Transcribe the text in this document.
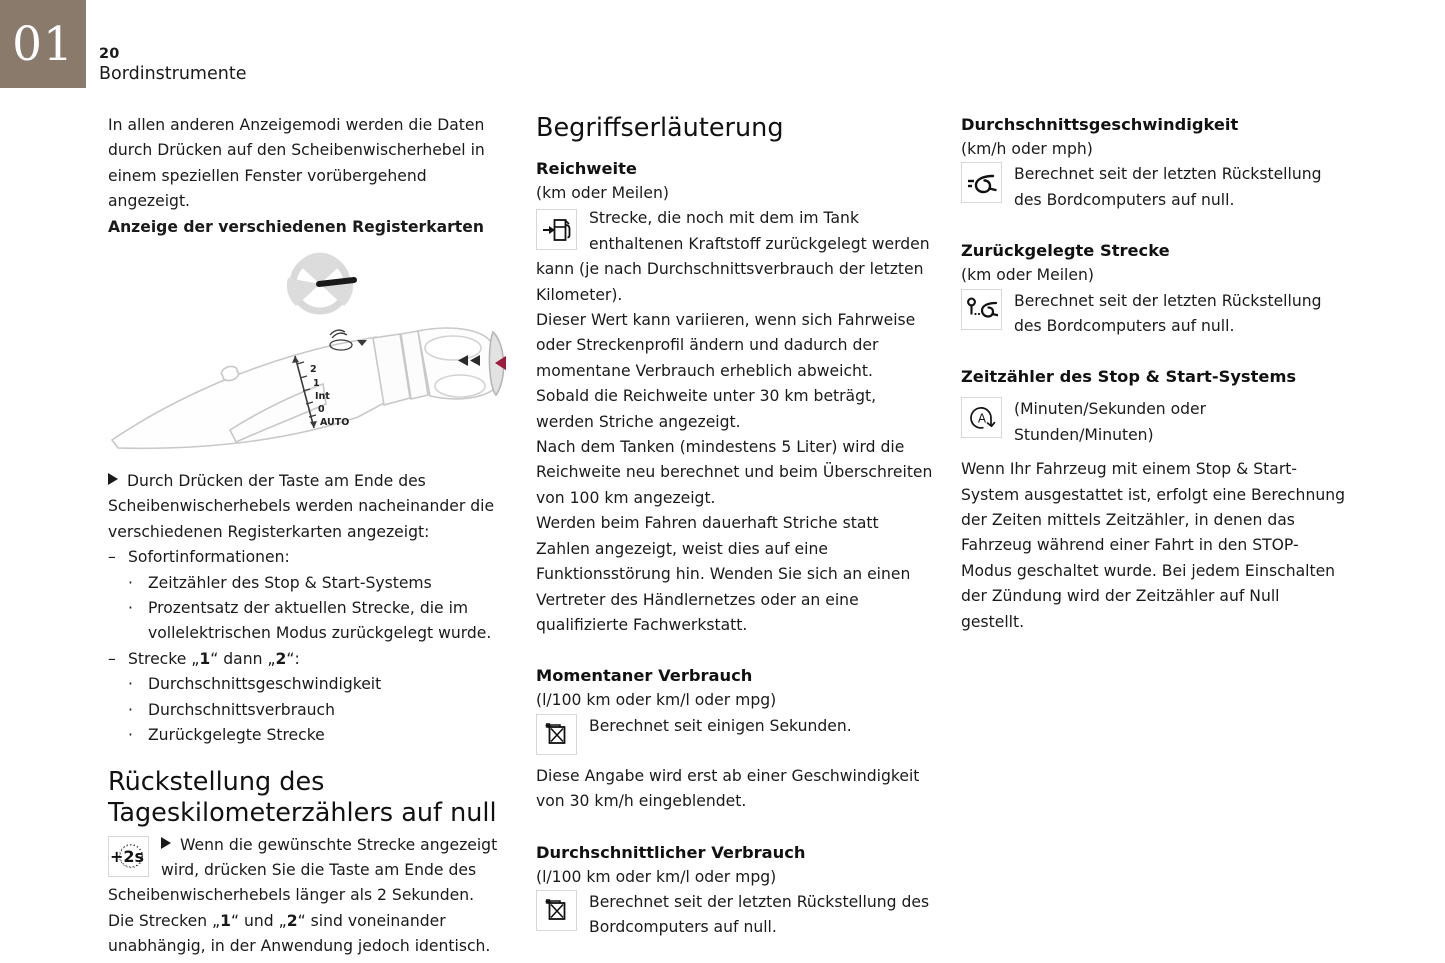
01 20
Bordinstrumente

In allen anderen Anzeigemodi werden die Daten durch Drücken auf den Scheibenwischerhebel in einem speziellen Fenster vorübergehend angezeigt.

Anzeige der verschiedenen Registerkarten

2
1
Int
0
AUTO

Durch Drücken der Taste am Ende des Scheibenwischerhebels werden nacheinander die verschiedenen Registerkarten angezeigt:

– Sofortinformationen:
· Zeitzähler des Stop & Start-Systems
· Prozentsatz der aktuellen Strecke, die im vollelektrischen Modus zurückgelegt wurde.
– Strecke „1“ dann „2“:
· Durchschnittsgeschwindigkeit
· Durchschnittsverbrauch
· Zurückgelegte Strecke
Rückstellung des
Tageskilometerzählers auf null
+2s

Wenn die gewünschte Strecke angezeigt wird, drücken Sie die Taste am Ende des Scheibenwischerhebels länger als 2 Sekunden.

Die Strecken „1“ und „2“ sind voneinander unabhängig, in der Anwendung jedoch identisch.

Begriffserläuterung
Reichweite

(km oder Meilen)

Strecke, die noch mit dem im Tank enthaltenen Kraftstoff zurückgelegt werden

kann (je nach Durchschnittsverbrauch der letzten Kilometer).

Dieser Wert kann variieren, wenn sich Fahrweise oder Streckenprofil ändern und dadurch der momentane Verbrauch erheblich abweicht.

Sobald die Reichweite unter 30 km beträgt, werden Striche angezeigt.

Nach dem Tanken (mindestens 5 Liter) wird die Reichweite neu berechnet und beim Überschreiten von 100 km angezeigt.

Werden beim Fahren dauerhaft Striche statt Zahlen angezeigt, weist dies auf eine Funktionsstörung hin. Wenden Sie sich an einen Vertreter des Händlernetzes oder an eine qualifizierte Fachwerkstatt.

Momentaner Verbrauch

(l/100 km oder km/l oder mpg)

Berechnet seit einigen Sekunden.

Diese Angabe wird erst ab einer Geschwindigkeit von 30 km/h eingeblendet.

Durchschnittlicher Verbrauch

(l/100 km oder km/l oder mpg)

Berechnet seit der letzten Rückstellung des Bordcomputers auf null.

Durchschnittsgeschwindigkeit

(km/h oder mph)

Berechnet seit der letzten Rückstellung des Bordcomputers auf null.

Zurückgelegte Strecke

(km oder Meilen)

Berechnet seit der letzten Rückstellung des Bordcomputers auf null.

Zeitzähler des Stop & Start-Systems
A (Minuten/Sekunden oder Stunden/Minuten)

Wenn Ihr Fahrzeug mit einem Stop & Start-System ausgestattet ist, erfolgt eine Berechnung der Zeiten mittels Zeitzähler, in denen das Fahrzeug während einer Fahrt in den STOP-Modus geschaltet wurde. Bei jedem Einschalten der Zündung wird der Zeitzähler auf Null gestellt.
